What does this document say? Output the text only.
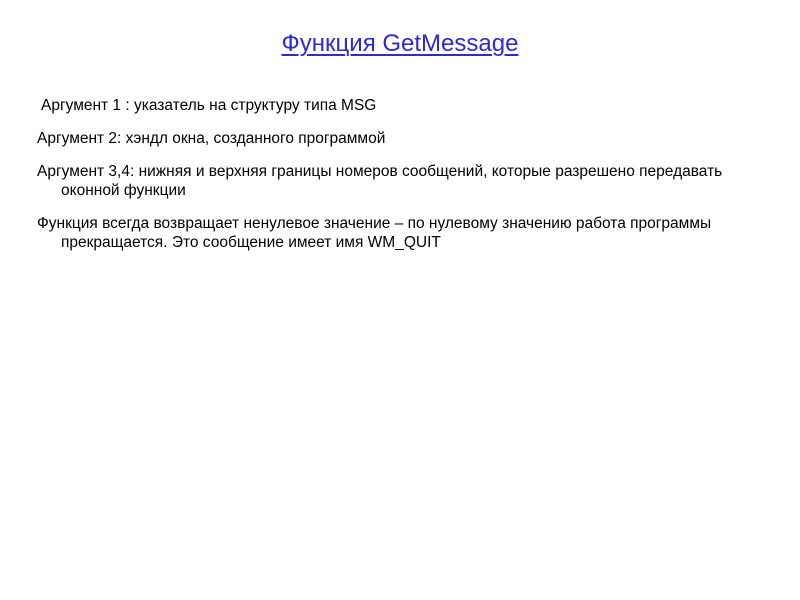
Функция GetMessage

Аргумент 1 : указатель на структуру типа MSG

Аргумент 2: хэндл окна, созданного программой

Аргумент 3,4: нижняя и верхняя границы номеров сообщений, которые разрешено передавать оконной функции

Функция всегда возвращает ненулевое значение – по нулевому значению работа программы прекращается. Это сообщение имеет имя WM_QUIT
